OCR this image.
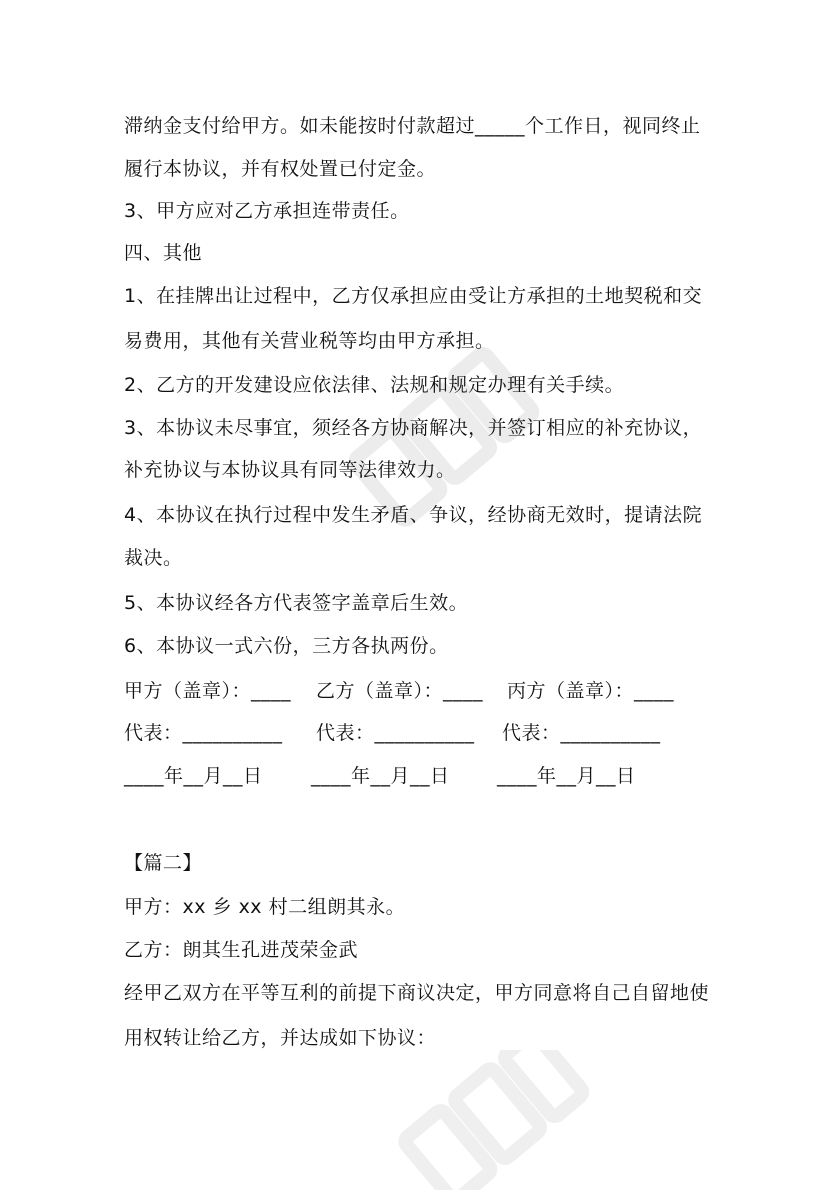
滞纳金支付给甲方。如未能按时付款超过_____个工作日，视同终止
履行本协议，并有权处置已付定金。
3、甲方应对乙方承担连带责任。
四、其他
1、在挂牌出让过程中，乙方仅承担应由受让方承担的土地契税和交
易费用，其他有关营业税等均由甲方承担。
2、乙方的开发建设应依法律、法规和规定办理有关手续。
3、本协议未尽事宜，须经各方协商解决，并签订相应的补充协议，
补充协议与本协议具有同等法律效力。
4、本协议在执行过程中发生矛盾、争议，经协商无效时，提请法院
裁决。
5、本协议经各方代表签字盖章后生效。
6、本协议一式六份，三方各执两份。
甲方（盖章）：____ 乙方（盖章）：____ 丙方（盖章）：____
代表：__________ 代表：__________ 代表：__________
____年__月__日	____年__月__日 ____年__月__日
【篇二】
甲方：xx 乡 xx 村二组朗其永。
乙方：朗其生孔进茂荣金武
经甲乙双方在平等互利的前提下商议决定，甲方同意将自己自留地使
用权转让给乙方，并达成如下协议：
